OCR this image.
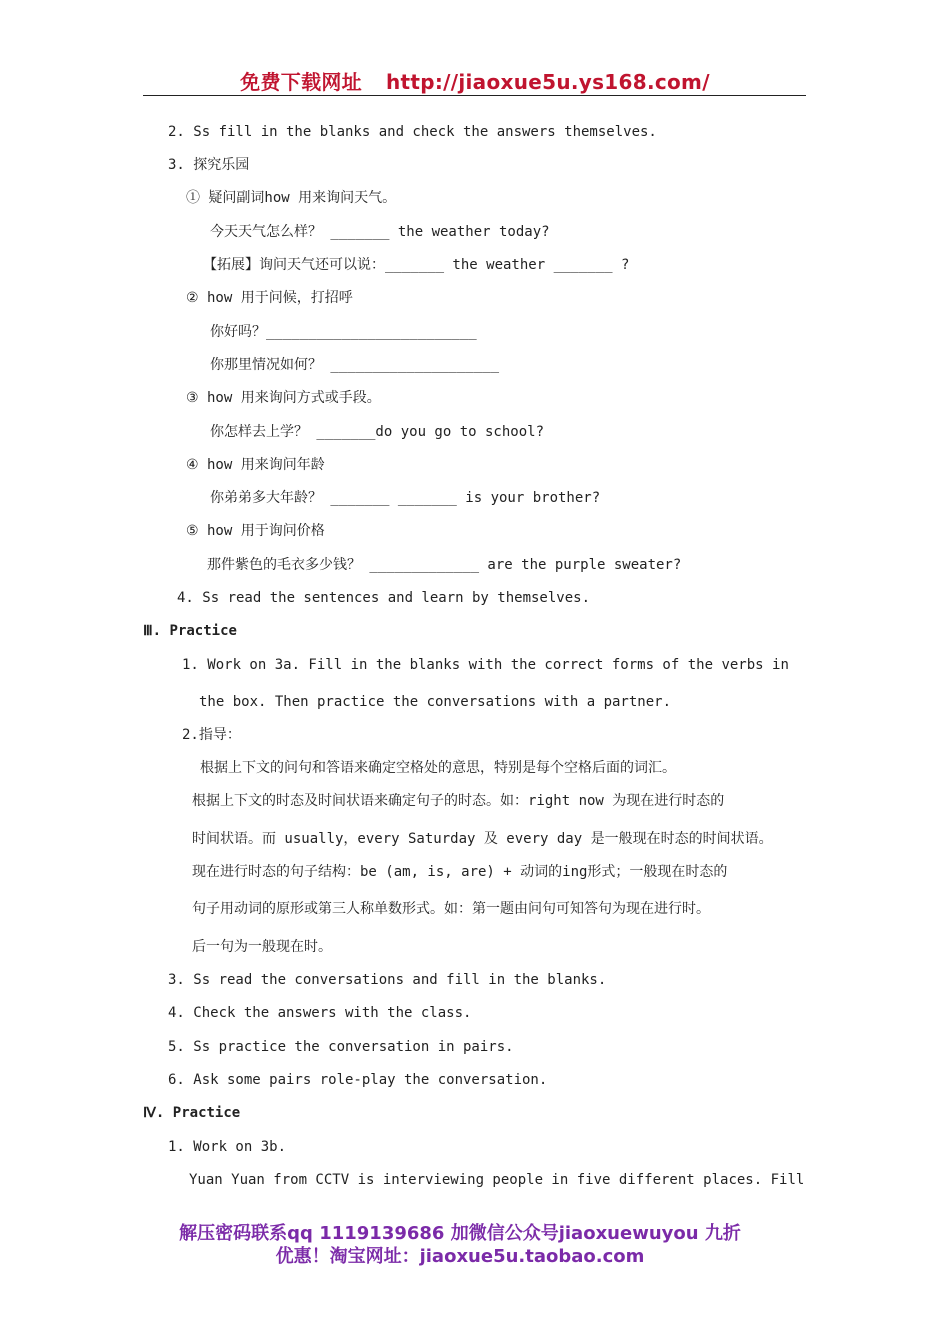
免费下载网址 http://jiaoxue5u.ys168.com/
2. Ss fill in the blanks and check the answers themselves.
3. 探究乐园
① 疑问副词how 用来询问天气。
今天天气怎么样？ _______ the weather today?
【拓展】询问天气还可以说：_______ the weather _______ ?
② how 用于问候，打招呼
你好吗？_________________________
你那里情况如何？ ____________________
③ how 用来询问方式或手段。
你怎样去上学？ _______do you go to school?
④ how 用来询问年龄
你弟弟多大年龄？ _______ _______ is your brother?
⑤ how 用于询问价格
那件紫色的毛衣多少钱？ _____________ are the purple sweater?
4. Ss read the sentences and learn by themselves.
Ⅲ. Practice
1. Work on 3a. Fill in the blanks with the correct forms of the verbs in
the box. Then practice the conversations with a partner.
2.指导：
根据上下文的问句和答语来确定空格处的意思，特别是每个空格后面的词汇。
根据上下文的时态及时间状语来确定句子的时态。如：right now 为现在进行时态的
时间状语。而 usually，every Saturday 及 every day 是一般现在时态的时间状语。
现在进行时态的句子结构：be (am, is, are) + 动词的ing形式；一般现在时态的
句子用动词的原形或第三人称单数形式。如：第一题由问句可知答句为现在进行时。
后一句为一般现在时。
3. Ss read the conversations and fill in the blanks.
4. Check the answers with the class.
5. Ss practice the conversation in pairs.
6. Ask some pairs role-play the conversation.
Ⅳ. Practice
1. Work on 3b.
Yuan Yuan from CCTV is interviewing people in five different places. Fill
解压密码联系qq 1119139686 加微信公众号jiaoxuewuyou 九折
优惠！淘宝网址：jiaoxue5u.taobao.com
